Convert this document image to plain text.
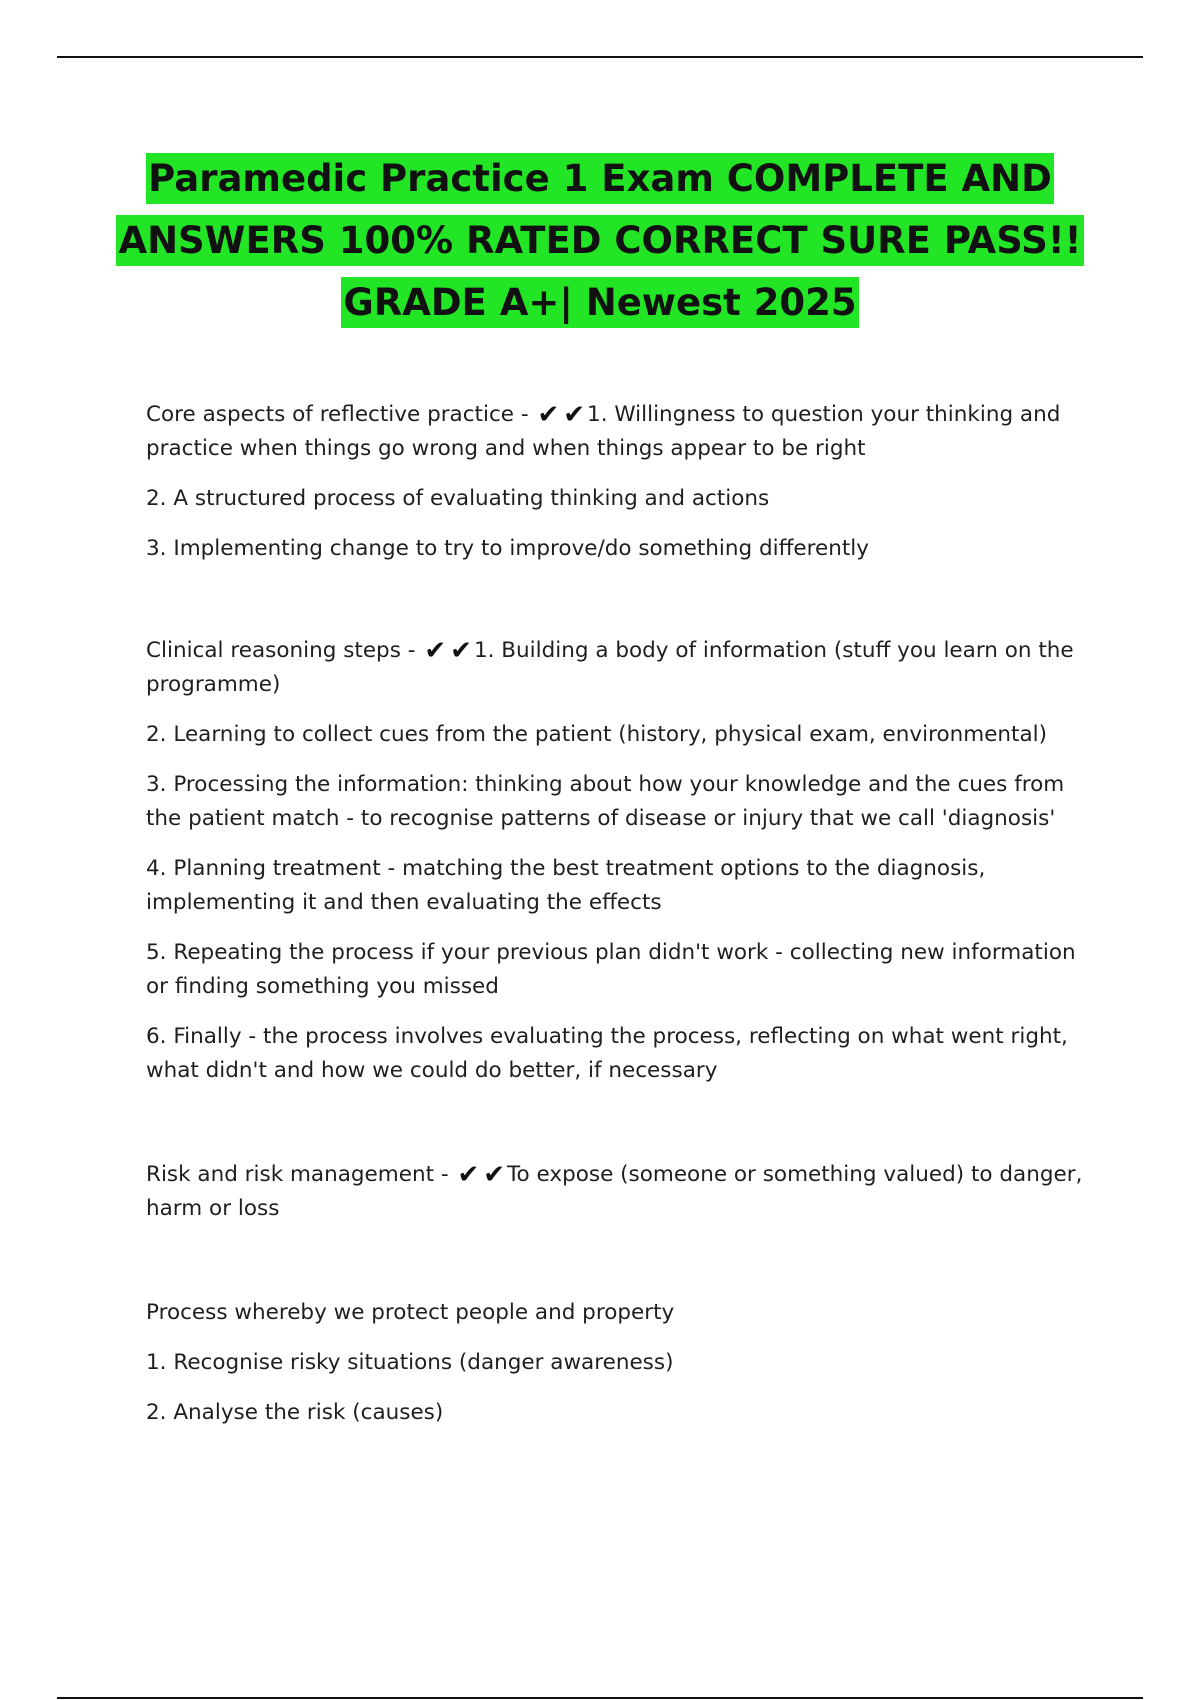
Paramedic Practice 1 Exam COMPLETE AND
ANSWERS 100% RATED CORRECT SURE PASS!!
GRADE A+| Newest 2025

Core aspects of reflective practice - ✔ ✔1. Willingness to question your thinking and practice when things go wrong and when things appear to be right

2. A structured process of evaluating thinking and actions

3. Implementing change to try to improve/do something differently

Clinical reasoning steps - ✔ ✔1. Building a body of information (stuff you learn on the programme)

2. Learning to collect cues from the patient (history, physical exam, environmental)

3. Processing the information: thinking about how your knowledge and the cues from the patient match - to recognise patterns of disease or injury that we call 'diagnosis'

4. Planning treatment - matching the best treatment options to the diagnosis, implementing it and then evaluating the effects

5. Repeating the process if your previous plan didn't work - collecting new information or finding something you missed

6. Finally - the process involves evaluating the process, reflecting on what went right, what didn't and how we could do better, if necessary

Risk and risk management - ✔ ✔To expose (someone or something valued) to danger, harm or loss

Process whereby we protect people and property

1. Recognise risky situations (danger awareness)

2. Analyse the risk (causes)
